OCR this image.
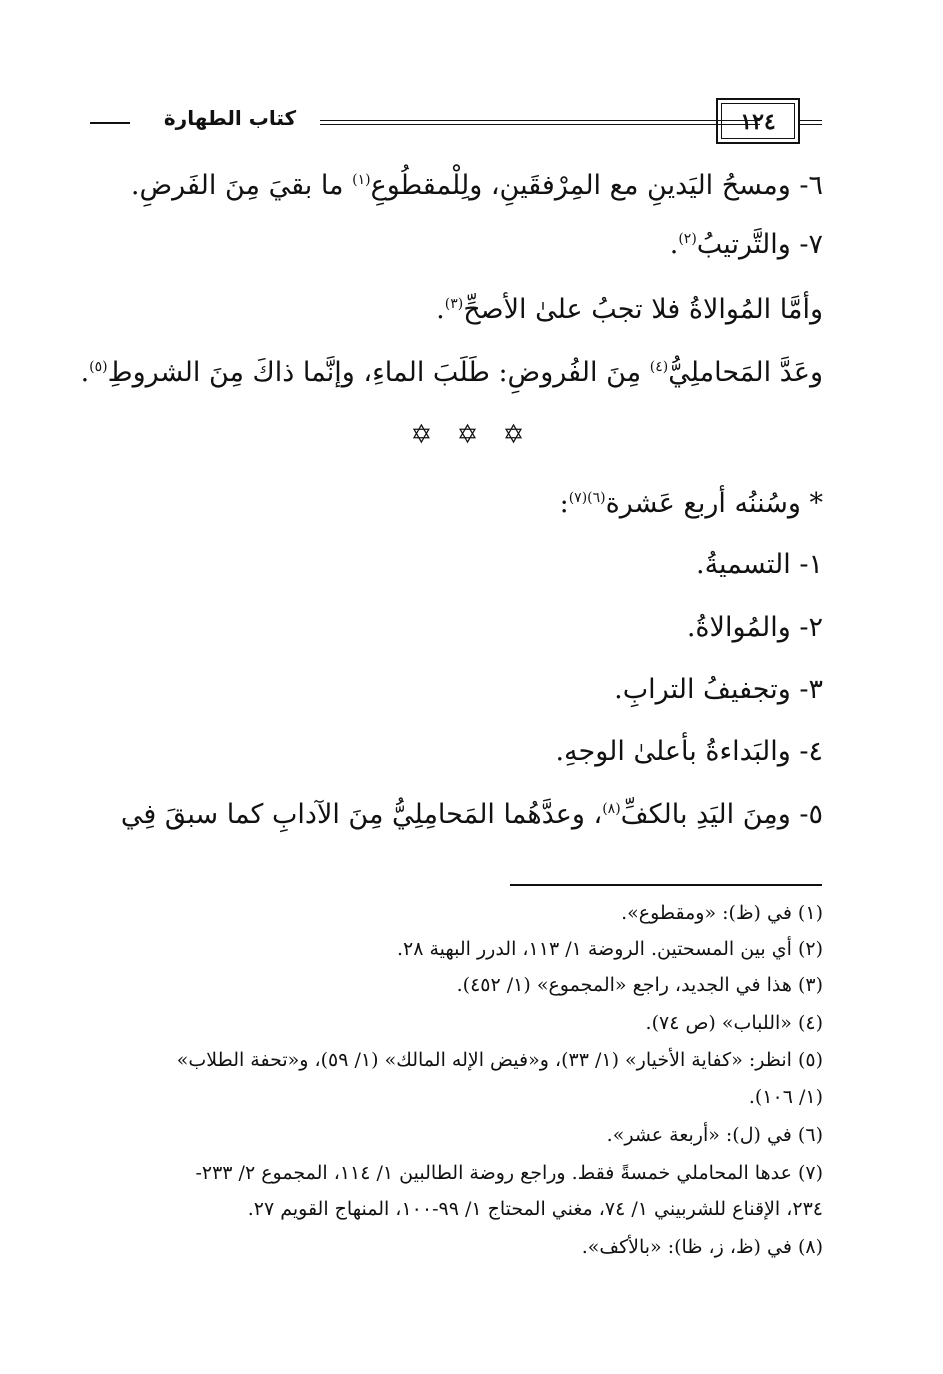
كتاب الطهارة	١٢٤
٦- ومسحُ اليَدينِ مع المِرْفقَينِ، ولِلْمقطُوعِ$^{(١)}$ ما بقيَ مِنَ الفَرضِ.
٧- والتَّرتيبُ$^{(٢)}$.
وأمَّا المُوالاةُ فلا تجبُ علىٰ الأصحِّ$^{(٣)}$.
وعَدَّ المَحاملِيُّ$^{(٤)}$ مِنَ الفُروضِ: طَلَبَ الماءِ، وإنَّما ذاكَ مِنَ الشروطِ$^{(٥)}$.
✡ ✡ ✡
* وسُننُه أربع عَشرة$^{(٦)(٧)}$:
١- التسميةُ.
٢- والمُوالاةُ.
٣- وتجفيفُ الترابِ.
٤- والبَداءةُ بأعلىٰ الوجهِ.
٥- ومِنَ اليَدِ بالكفِّ$^{(٨)}$، وعدَّهُما المَحامِلِيُّ مِنَ الآدابِ كما سبقَ فِي
(١) في (ظ): «ومقطوع».
(٢) أي بين المسحتين. الروضة ١/ ١١٣، الدرر البهية ٢٨.
(٣) هذا في الجديد، راجع «المجموع» (١/ ٤٥٢).
(٤) «اللباب» (ص ٧٤).
(٥) انظر: «كفاية الأخيار» (١/ ٣٣)، و«فيض الإله المالك» (١/ ٥٩)، و«تحفة الطلاب»
(١/ ١٠٦).
(٦) في (ل): «أربعة عشر».
(٧) عدها المحاملي خمسةً فقط. وراجع روضة الطالبين ١/ ١١٤، المجموع ٢/ ٢٣٣-
٢٣٤، الإقناع للشربيني ١/ ٧٤، مغني المحتاج ١/ ٩٩-١٠٠، المنهاج القويم ٢٧.
(٨) في (ظ، ز، ظا): «بالأكف».
